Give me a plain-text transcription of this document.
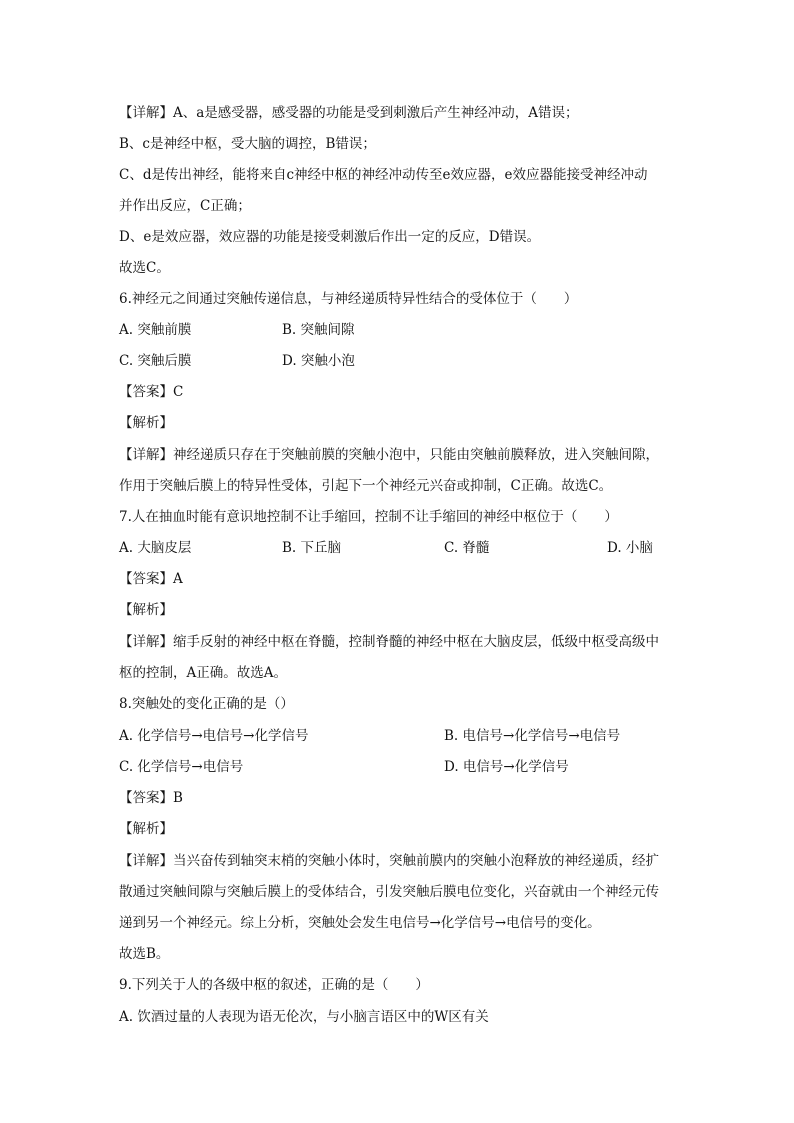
【详解】A、a是感受器，感受器的功能是受到刺激后产生神经冲动，A错误；
B、c是神经中枢，受大脑的调控，B错误；
C、d是传出神经，能将来自c神经中枢的神经冲动传至e效应器，e效应器能接受神经冲动
并作出反应，C正确；
D、e是效应器，效应器的功能是接受刺激后作出一定的反应，D错误。
故选C。
6.神经元之间通过突触传递信息，与神经递质特异性结合的受体位于（　　）
A. 突触前膜	B. 突触间隙
C. 突触后膜	D. 突触小泡
【答案】C
【解析】
【详解】神经递质只存在于突触前膜的突触小泡中，只能由突触前膜释放，进入突触间隙，
作用于突触后膜上的特异性受体，引起下一个神经元兴奋或抑制，C正确。故选C。
7.人在抽血时能有意识地控制不让手缩回，控制不让手缩回的神经中枢位于（　　）
A. 大脑皮层	B. 下丘脑	C. 脊髓	D. 小脑
【答案】A
【解析】
【详解】缩手反射的神经中枢在脊髓，控制脊髓的神经中枢在大脑皮层，低级中枢受高级中
枢的控制，A正确。故选A。
8.突触处的变化正确的是（）
A. 化学信号→电信号→化学信号	B. 电信号→化学信号→电信号
C. 化学信号→电信号	D. 电信号→化学信号
【答案】B
【解析】
【详解】当兴奋传到轴突末梢的突触小体时，突触前膜内的突触小泡释放的神经递质，经扩
散通过突触间隙与突触后膜上的受体结合，引发突触后膜电位变化，兴奋就由一个神经元传
递到另一个神经元。综上分析，突触处会发生电信号→化学信号→电信号的变化。
故选B。
9.下列关于人的各级中枢的叙述，正确的是（　　）
A. 饮酒过量的人表现为语无伦次，与小脑言语区中的W区有关
